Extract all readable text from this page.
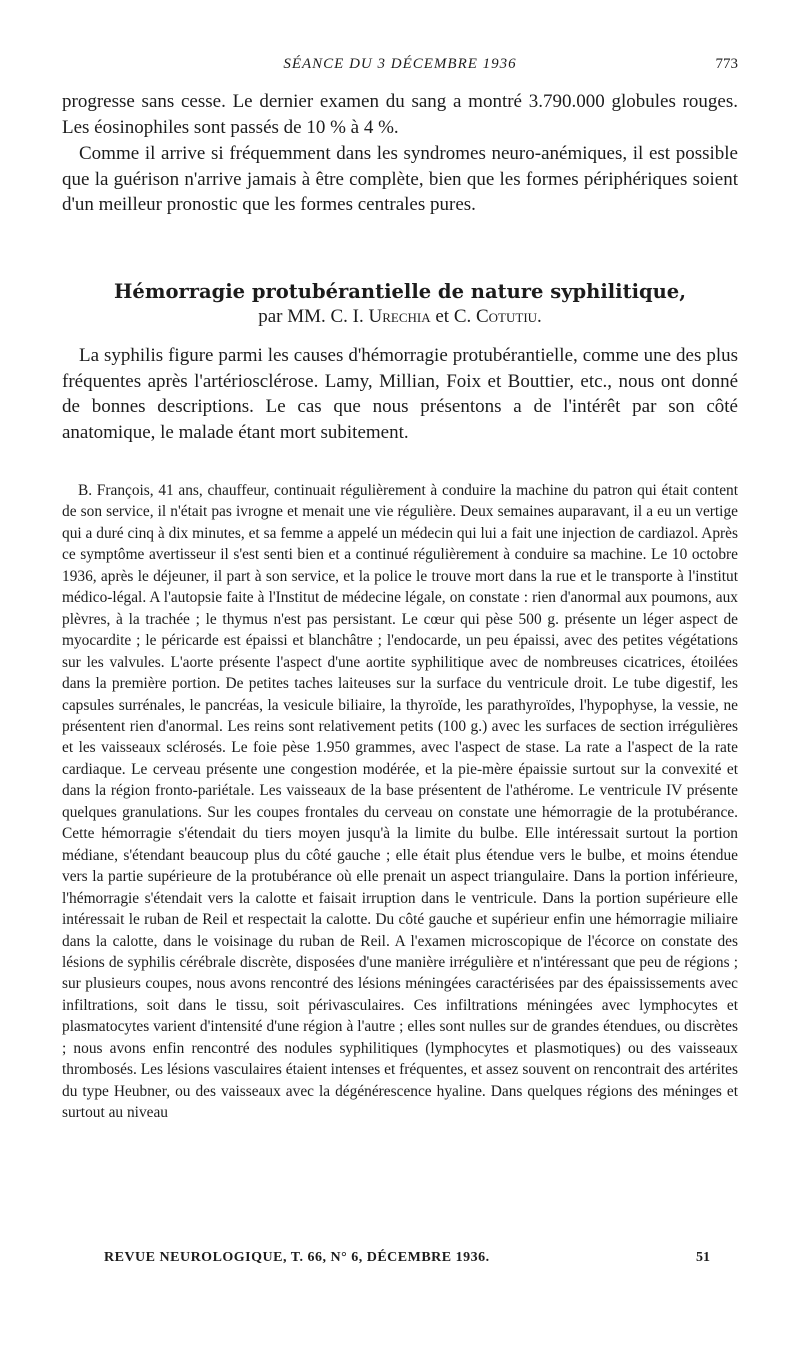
SÉANCE DU 3 DÉCEMBRE 1936	773

progresse sans cesse. Le dernier examen du sang a montré 3.790.000 globules rouges. Les éosinophiles sont passés de 10 % à 4 %.

Comme il arrive si fréquemment dans les syndromes neuro-anémiques, il est possible que la guérison n'arrive jamais à être complète, bien que les formes périphériques soient d'un meilleur pronostic que les formes centrales pures.

Hémorragie protubérantielle de nature syphilitique,
par MM. C. I. Urechia et C. Cotutiu.

La syphilis figure parmi les causes d'hémorragie protubérantielle, comme une des plus fréquentes après l'artériosclérose. Lamy, Millian, Foix et Bouttier, etc., nous ont donné de bonnes descriptions. Le cas que nous présentons a de l'intérêt par son côté anatomique, le malade étant mort subitement.

B. François, 41 ans, chauffeur, continuait régulièrement à conduire la machine du patron qui était content de son service, il n'était pas ivrogne et menait une vie régulière. Deux semaines auparavant, il a eu un vertige qui a duré cinq à dix minutes, et sa femme a appelé un médecin qui lui a fait une injection de cardiazol. Après ce symptôme avertisseur il s'est senti bien et a continué régulièrement à conduire sa machine. Le 10 octobre 1936, après le déjeuner, il part à son service, et la police le trouve mort dans la rue et le transporte à l'institut médico-légal. A l'autopsie faite à l'Institut de médecine légale, on constate : rien d'anormal aux poumons, aux plèvres, à la trachée ; le thymus n'est pas persistant. Le cœur qui pèse 500 g. présente un léger aspect de myocardite ; le péricarde est épaissi et blanchâtre ; l'endocarde, un peu épaissi, avec des petites végétations sur les valvules. L'aorte présente l'aspect d'une aortite syphilitique avec de nombreuses cicatrices, étoilées dans la première portion. De petites taches laiteuses sur la surface du ventricule droit. Le tube digestif, les capsules surrénales, le pancréas, la vesicule biliaire, la thyroïde, les parathyroïdes, l'hypophyse, la vessie, ne présentent rien d'anormal. Les reins sont relativement petits (100 g.) avec les surfaces de section irrégulières et les vaisseaux sclérosés. Le foie pèse 1.950 grammes, avec l'aspect de stase. La rate a l'aspect de la rate cardiaque. Le cerveau présente une congestion modérée, et la pie-mère épaissie surtout sur la convexité et dans la région fronto-pariétale. Les vaisseaux de la base présentent de l'athérome. Le ventricule IV présente quelques granulations. Sur les coupes frontales du cerveau on constate une hémorragie de la protubérance. Cette hémorragie s'étendait du tiers moyen jusqu'à la limite du bulbe. Elle intéressait surtout la portion médiane, s'étendant beaucoup plus du côté gauche ; elle était plus étendue vers le bulbe, et moins étendue vers la partie supérieure de la protubérance où elle prenait un aspect triangulaire. Dans la portion inférieure, l'hémorragie s'étendait vers la calotte et faisait irruption dans le ventricule. Dans la portion supérieure elle intéressait le ruban de Reil et respectait la calotte. Du côté gauche et supérieur enfin une hémorragie miliaire dans la calotte, dans le voisinage du ruban de Reil. A l'examen microscopique de l'écorce on constate des lésions de syphilis cérébrale discrète, disposées d'une manière irrégulière et n'intéressant que peu de régions ; sur plusieurs coupes, nous avons rencontré des lésions méningées caractérisées par des épaississements avec infiltrations, soit dans le tissu, soit périvasculaires. Ces infiltrations méningées avec lymphocytes et plasmatocytes varient d'intensité d'une région à l'autre ; elles sont nulles sur de grandes étendues, ou discrètes ; nous avons enfin rencontré des nodules syphilitiques (lymphocytes et plasmotiques) ou des vaisseaux thrombosés. Les lésions vasculaires étaient intenses et fréquentes, et assez souvent on rencontrait des artérites du type Heubner, ou des vaisseaux avec la dégénérescence hyaline. Dans quelques régions des méninges et surtout au niveau

REVUE NEUROLOGIQUE, T. 66, N° 6, DÉCEMBRE 1936.	51
